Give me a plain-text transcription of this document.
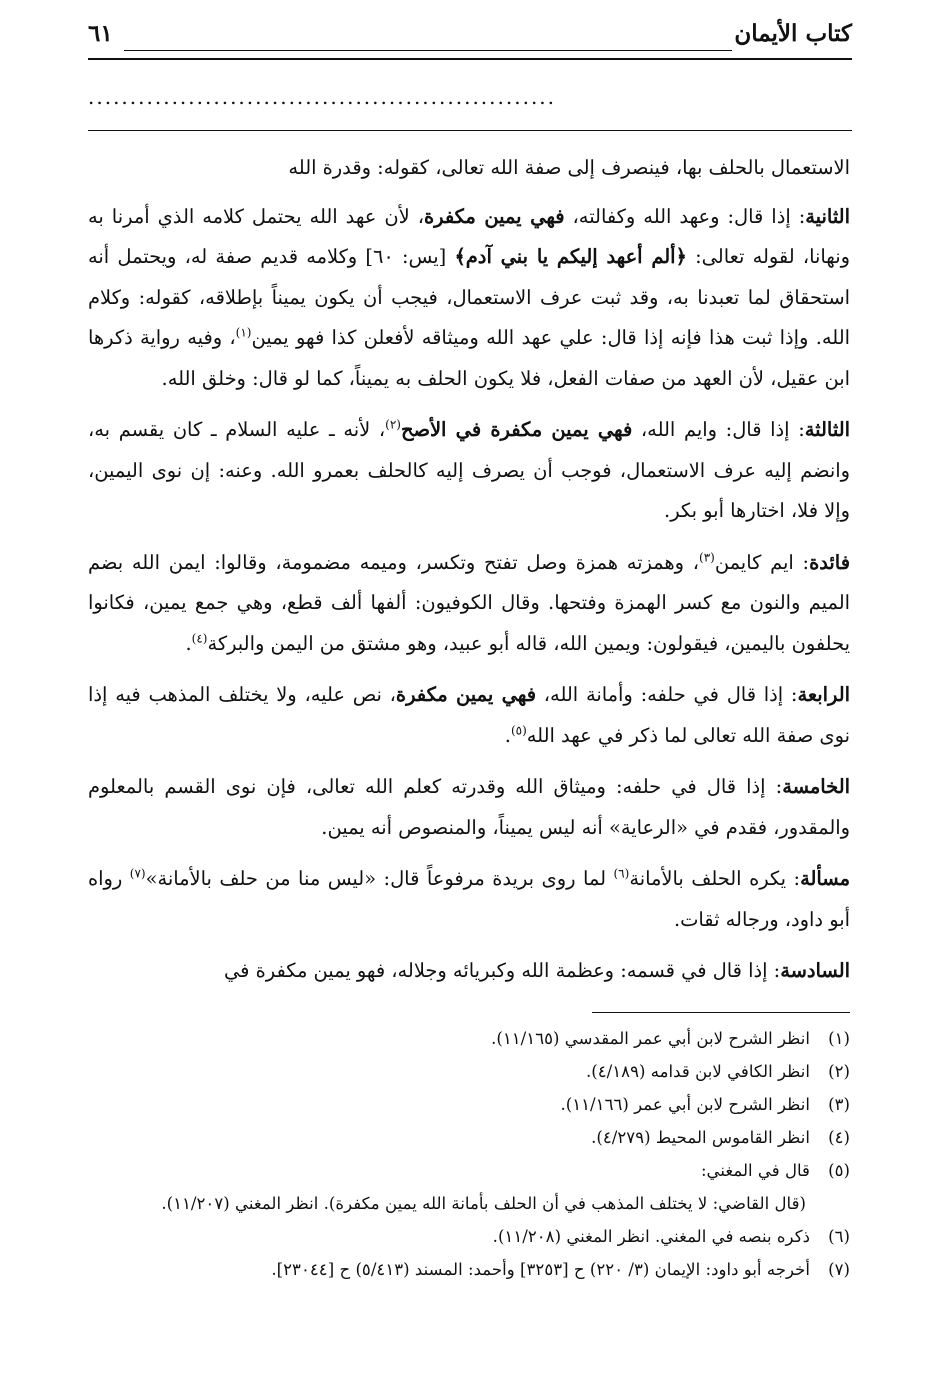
كتاب الأيمان
٦١
........................................................

الاستعمال بالحلف بها، فينصرف إلى صفة الله تعالى، كقوله: وقدرة الله

الثانية: إذا قال: وعهد الله وكفالته، فهي يمين مكفرة، لأن عهد الله يحتمل كلامه الذي أمرنا به ونهانا، لقوله تعالى: ﴿ألم أعهد إليكم يا بني آدم﴾ [يس: ٦٠] وكلامه قديم صفة له، ويحتمل أنه استحقاق لما تعبدنا به، وقد ثبت عرف الاستعمال، فيجب أن يكون يميناً بإطلاقه، كقوله: وكلام الله. وإذا ثبت هذا فإنه إذا قال: علي عهد الله وميثاقه لأفعلن كذا فهو يمين$^{(١)}$، وفيه رواية ذكرها ابن عقيل، لأن العهد من صفات الفعل، فلا يكون الحلف به يميناً، كما لو قال: وخلق الله.

الثالثة: إذا قال: وايم الله، فهي يمين مكفرة في الأصح$^{(٢)}$، لأنه ـ عليه السلام ـ كان يقسم به، وانضم إليه عرف الاستعمال، فوجب أن يصرف إليه كالحلف بعمرو الله. وعنه: إن نوى اليمين، وإلا فلا، اختارها أبو بكر.

فائدة: ايم كايمن$^{(٣)}$، وهمزته همزة وصل تفتح وتكسر، وميمه مضمومة، وقالوا: ايمن الله بضم الميم والنون مع كسر الهمزة وفتحها. وقال الكوفيون: ألفها ألف قطع، وهي جمع يمين، فكانوا يحلفون باليمين، فيقولون: ويمين الله، قاله أبو عبيد، وهو مشتق من اليمن والبركة$^{(٤)}$.

الرابعة: إذا قال في حلفه: وأمانة الله، فهي يمين مكفرة، نص عليه، ولا يختلف المذهب فيه إذا نوى صفة الله تعالى لما ذكر في عهد الله$^{(٥)}$.

الخامسة: إذا قال في حلفه: وميثاق الله وقدرته كعلم الله تعالى، فإن نوى القسم بالمعلوم والمقدور، فقدم في «الرعاية» أنه ليس يميناً، والمنصوص أنه يمين.

مسألة: يكره الحلف بالأمانة$^{(٦)}$ لما روى بريدة مرفوعاً قال: «ليس منا من حلف بالأمانة»$^{(٧)}$ رواه أبو داود، ورجاله ثقات.

السادسة: إذا قال في قسمه: وعظمة الله وكبريائه وجلاله، فهو يمين مكفرة في

(١)
انظر الشرح لابن أبي عمر المقدسي (١١/١٦٥).
(٢)
انظر الكافي لابن قدامه (٤/١٨٩).
(٣)
انظر الشرح لابن أبي عمر (١١/١٦٦).
(٤)
انظر القاموس المحيط (٤/٢٧٩).
(٥)
قال في المغني:
(قال القاضي: لا يختلف المذهب في أن الحلف بأمانة الله يمين مكفرة). انظر المغني (١١/٢٠٧).
(٦)
ذكره بنصه في المغني. انظر المغني (١١/٢٠٨).
(٧)
أخرجه أبو داود: الإيمان (٣/ ٢٢٠) ح [٣٢٥٣] وأحمد: المسند (٥/٤١٣) ح [٢٣٠٤٤].
